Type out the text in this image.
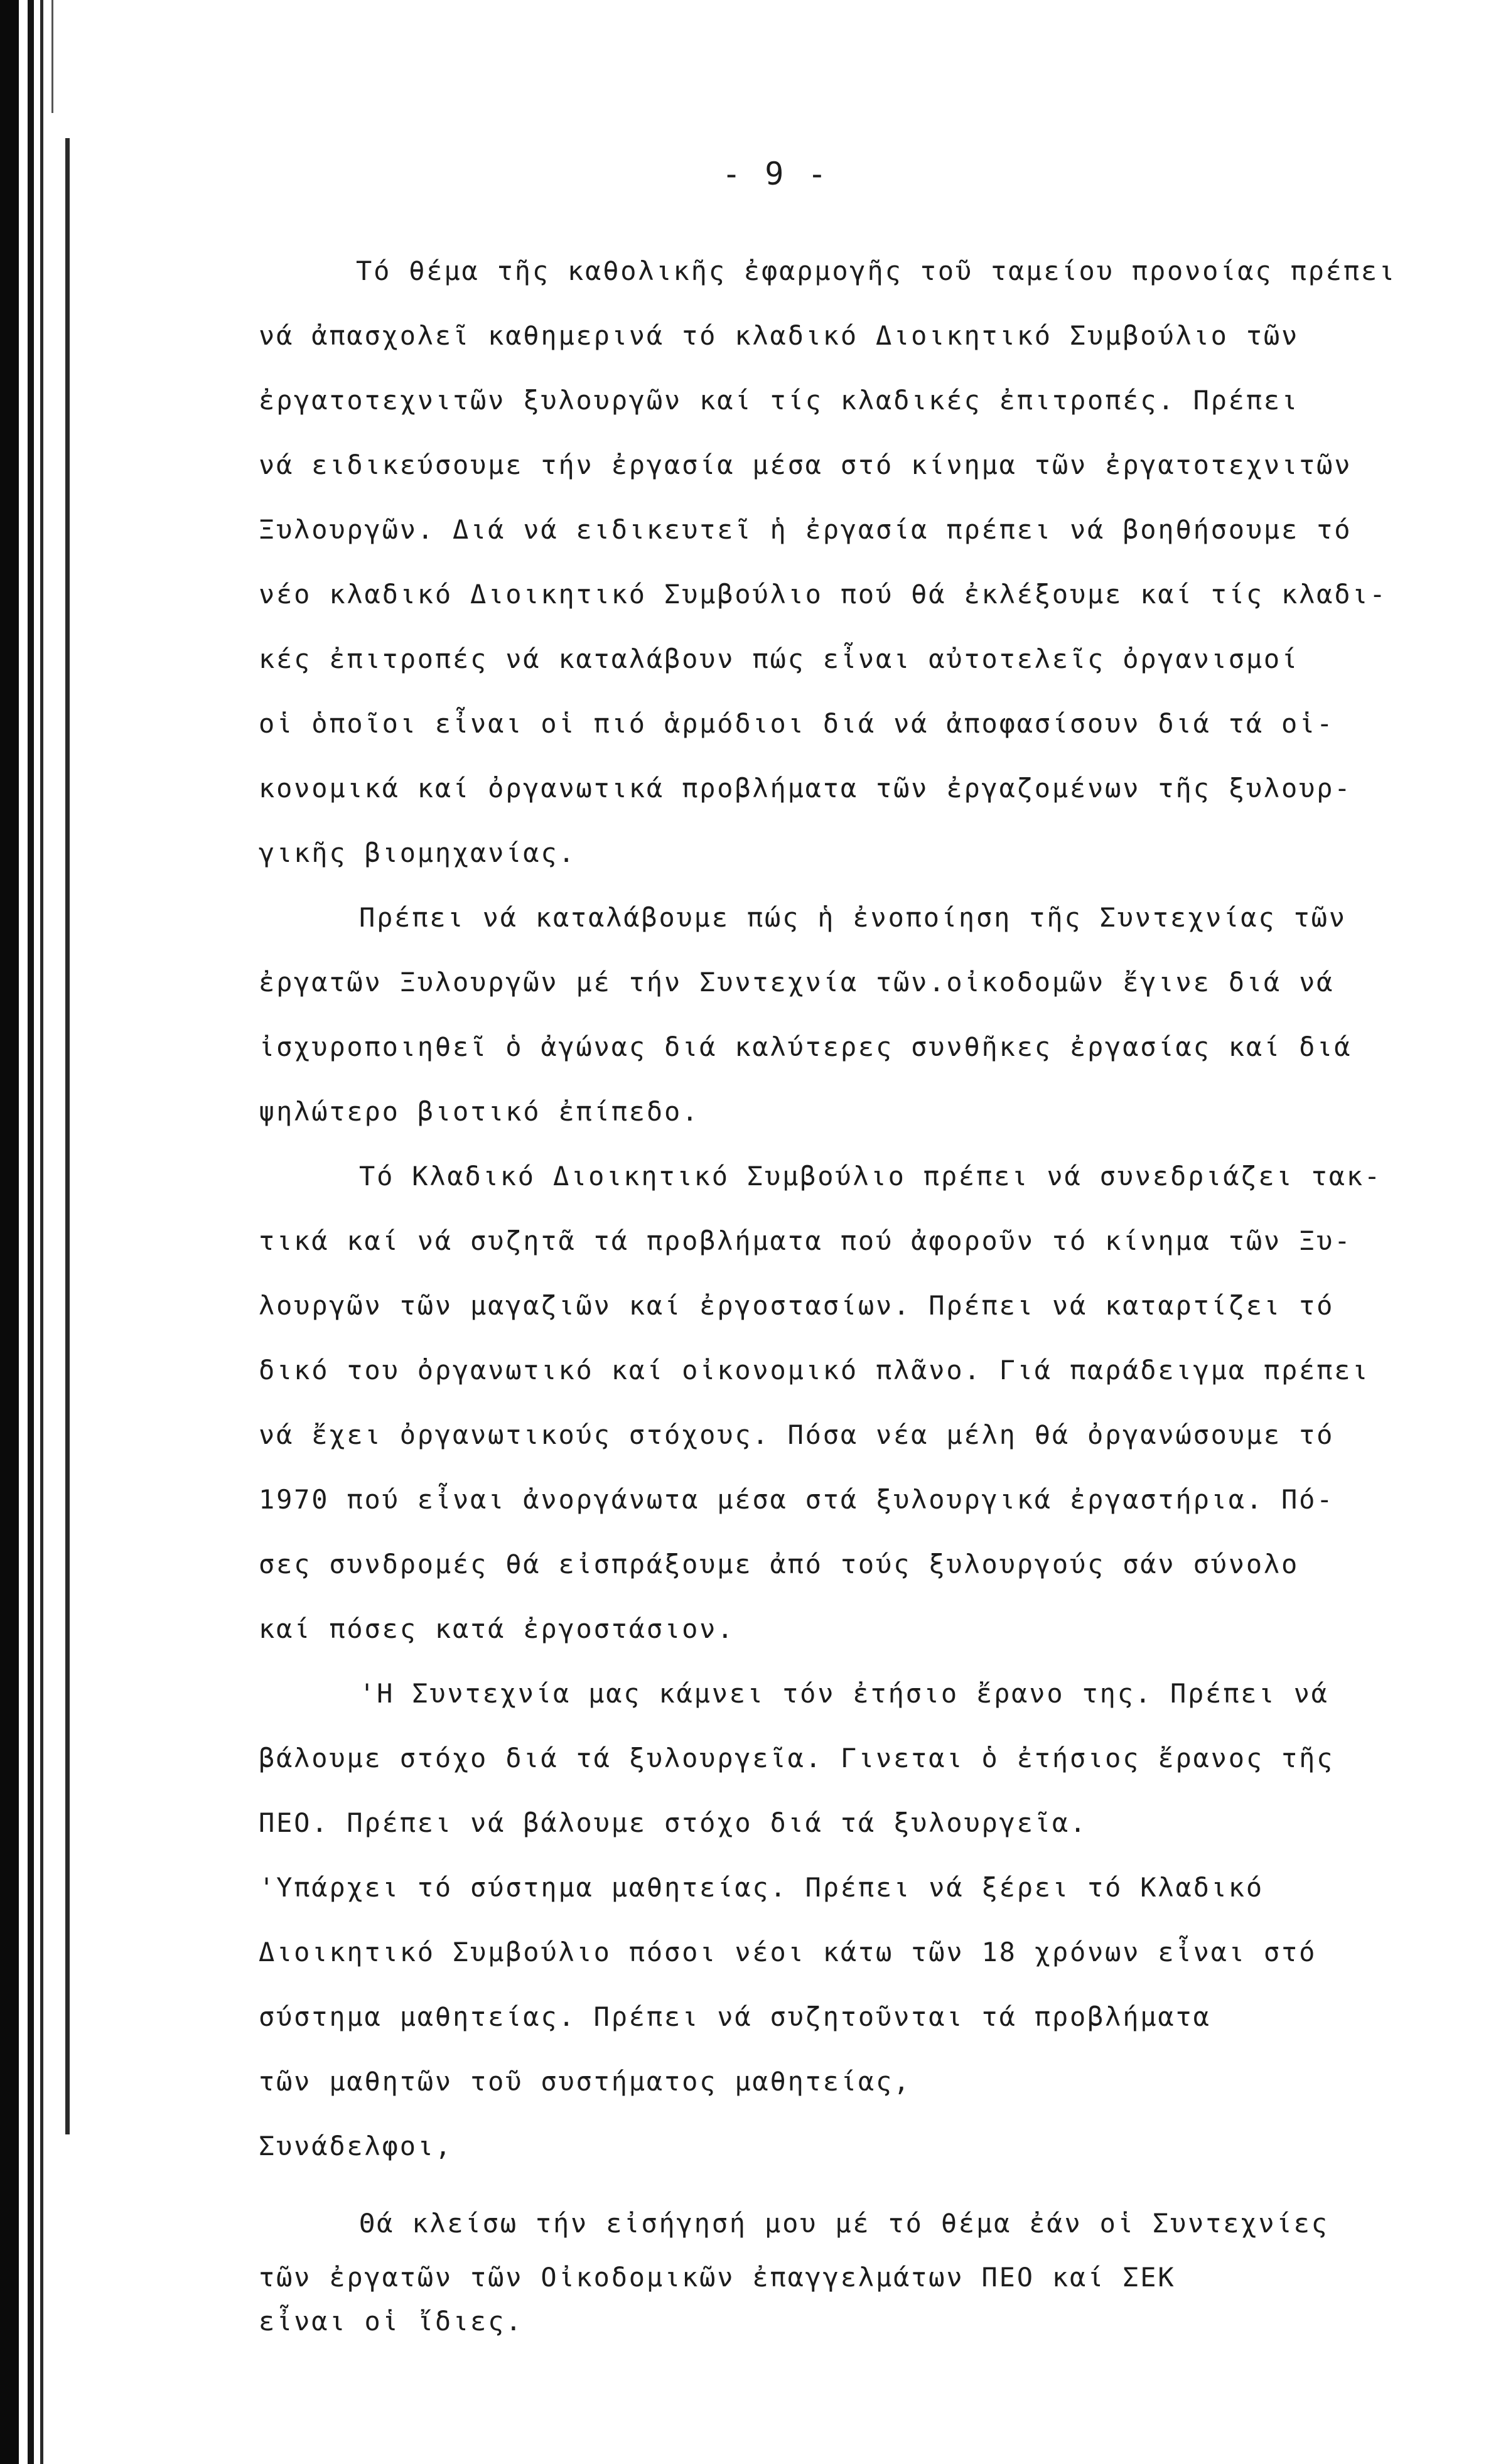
- 9 -
Τό θέμα τῆς καθολικῆς ἐφαρμογῆς τοῦ ταμείου προνοίας πρέπει
νά ἀπασχολεῖ καθημερινά τό κλαδικό Διοικητικό Συμβούλιο τῶν
ἐργατοτεχνιτῶν ξυλουργῶν καί τίς κλαδικές ἐπιτροπές. Πρέπει
νά ειδικεύσουμε τήν ἐργασία μέσα στό κίνημα τῶν ἐργατοτεχνιτῶν
Ξυλουργῶν. Διά νά ειδικευτεῖ ἡ ἐργασία πρέπει νά βοηθήσουμε τό
νέο κλαδικό Διοικητικό Συμβούλιο πού θά ἐκλέξουμε καί τίς κλαδι-
κές ἐπιτροπές νά καταλάβουν πώς εἶναι αὐτοτελεῖς ὀργανισμοί
οἱ ὁποῖοι εἶναι οἱ πιό ἁρμόδιοι διά νά ἀποφασίσουν διά τά οἱ-
κονομικά καί ὀργανωτικά προβλήματα τῶν ἐργαζομένων τῆς ξυλουρ-
γικῆς βιομηχανίας.
Πρέπει νά καταλάβουμε πώς ἡ ἐνοποίηση τῆς Συντεχνίας τῶν
ἐργατῶν Ξυλουργῶν μέ τήν Συντεχνία τῶν.οἰκοδομῶν ἔγινε διά νά
ἰσχυροποιηθεῖ ὁ ἀγώνας διά καλύτερες συνθῆκες ἐργασίας καί διά
ψηλώτερο βιοτικό ἐπίπεδο.
Τό Κλαδικό Διοικητικό Συμβούλιο πρέπει νά συνεδριάζει τακ-
τικά καί νά συζητᾶ τά προβλήματα πού ἀφοροῦν τό κίνημα τῶν Ξυ-
λουργῶν τῶν μαγαζιῶν καί ἐργοστασίων. Πρέπει νά καταρτίζει τό
δικό του ὀργανωτικό καί οἰκονομικό πλᾶνο. Γιά παράδειγμα πρέπει
νά ἔχει ὀργανωτικούς στόχους. Πόσα νέα μέλη θά ὀργανώσουμε τό
1970 πού εἶναι ἀνοργάνωτα μέσα στά ξυλουργικά ἐργαστήρια. Πό-
σες συνδρομές θά εἰσπράξουμε ἀπό τούς ξυλουργούς σάν σύνολο
καί πόσες κατά ἐργοστάσιον.
'Η Συντεχνία μας κάμνει τόν ἐτήσιο ἔρανο της. Πρέπει νά
βάλουμε στόχο διά τά ξυλουργεῖα. Γινεται ὁ ἐτήσιος ἔρανος τῆς
ΠΕΟ. Πρέπει νά βάλουμε στόχο διά τά ξυλουργεῖα.
'Υπάρχει τό σύστημα μαθητείας. Πρέπει νά ξέρει τό Κλαδικό
Διοικητικό Συμβούλιο πόσοι νέοι κάτω τῶν 18 χρόνων εἶναι στό
σύστημα μαθητείας. Πρέπει νά συζητοῦνται τά προβλήματα
τῶν μαθητῶν τοῦ συστήματος μαθητείας,
Συνάδελφοι,
Θά κλείσω τήν εἰσήγησή μου μέ τό θέμα ἐάν οἱ Συντεχνίες
τῶν ἐργατῶν τῶν Οἰκοδομικῶν ἐπαγγελμάτων ΠΕΟ καί ΣΕΚ
εἶναι οἱ ἴδιες.
